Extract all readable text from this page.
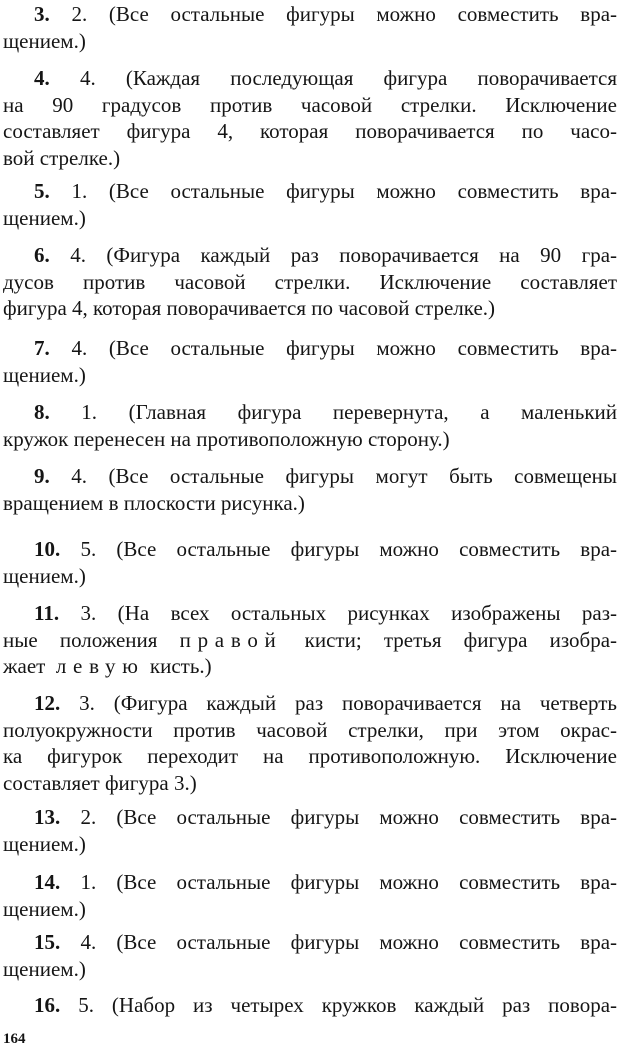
3. 2. (Все остальные фигуры можно совместить вра-
щением.)
4. 4. (Каждая последующая фигура поворачивается
на 90 градусов против часовой стрелки. Исключение
составляет фигура 4, которая поворачивается по часо-
вой стрелке.)
5. 1. (Все остальные фигуры можно совместить вра-
щением.)
6. 4. (Фигура каждый раз поворачивается на 90 гра-
дусов против часовой стрелки. Исключение составляет
фигура 4, которая поворачивается по часовой стрелке.)
7. 4. (Все остальные фигуры можно совместить вра-
щением.)
8. 1. (Главная фигура перевернута, а маленький
кружок перенесен на противоположную сторону.)
9. 4. (Все остальные фигуры могут быть совмещены
вращением в плоскости рисунка.)
10. 5. (Все остальные фигуры можно совместить вра-
щением.)
11. 3. (На всех остальных рисунках изображены раз-
ные положения правой кисти; третья фигура изобра-
жает левую кисть.)
12. 3. (Фигура каждый раз поворачивается на четверть
полуокружности против часовой стрелки, при этом окрас-
ка фигурок переходит на противоположную. Исключение
составляет фигура 3.)
13. 2. (Все остальные фигуры можно совместить вра-
щением.)
14. 1. (Все остальные фигуры можно совместить вра-
щением.)
15. 4. (Все остальные фигуры можно совместить вра-
щением.)
16. 5. (Набор из четырех кружков каждый раз повора-
164
